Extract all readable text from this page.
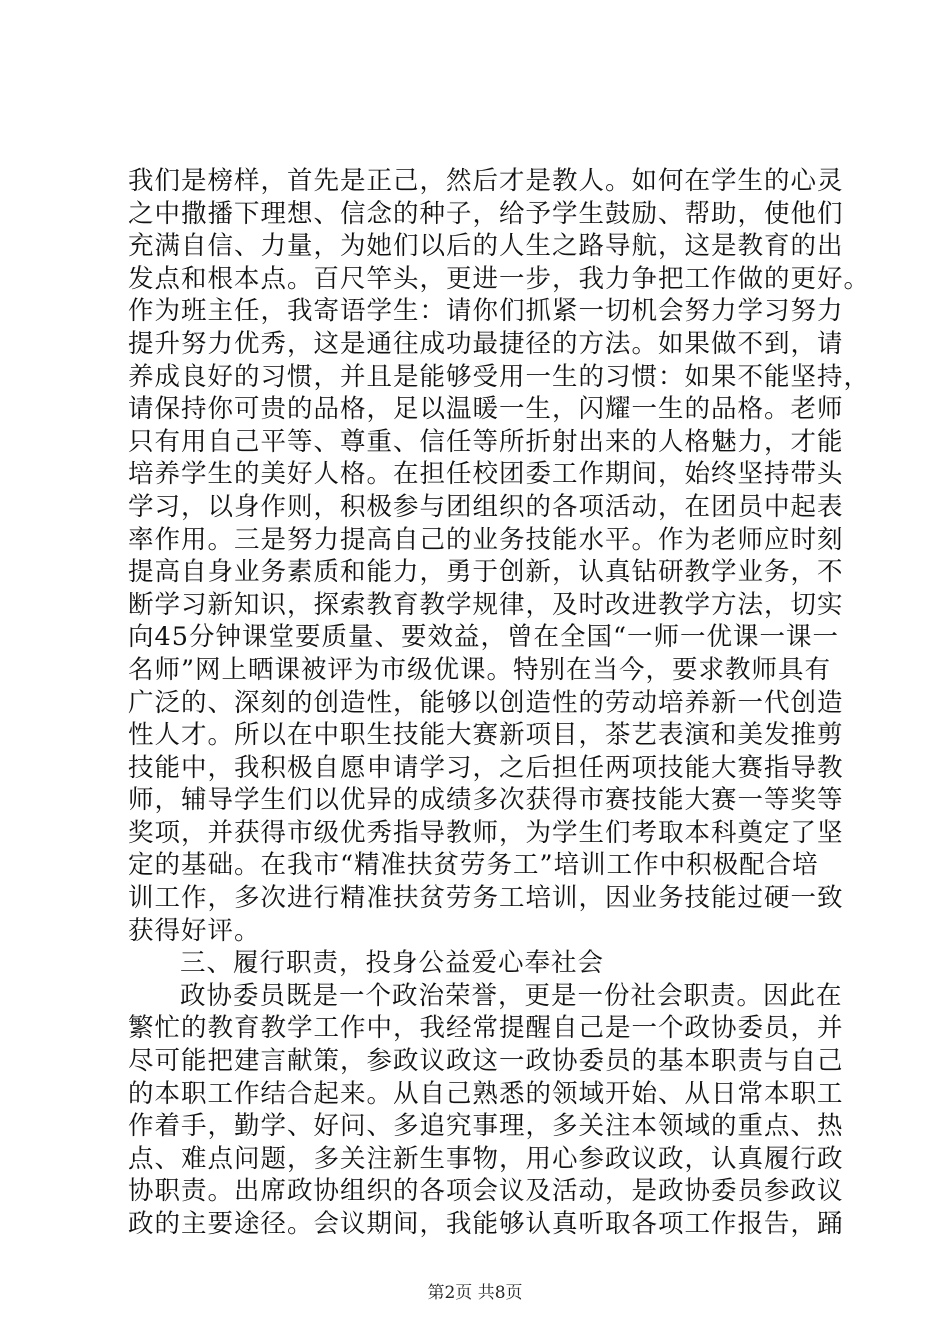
我们是榜样，首先是正己，然后才是教人。如何在学生的心灵
之中撒播下理想、信念的种子，给予学生鼓励、帮助，使他们
充满自信、力量，为她们以后的人生之路导航，这是教育的出
发点和根本点。百尺竿头，更进一步，我力争把工作做的更好。
作为班主任，我寄语学生：请你们抓紧一切机会努力学习努力
提升努力优秀，这是通往成功最捷径的方法。如果做不到，请
养成良好的习惯，并且是能够受用一生的习惯：如果不能坚持，
请保持你可贵的品格，足以温暖一生，闪耀一生的品格。老师
只有用自己平等、尊重、信任等所折射出来的人格魅力，才能
培养学生的美好人格。在担任校团委工作期间，始终坚持带头
学习，以身作则，积极参与团组织的各项活动，在团员中起表
率作用。三是努力提高自己的业务技能水平。作为老师应时刻
提高自身业务素质和能力，勇于创新，认真钻研教学业务，不
断学习新知识，探索教育教学规律，及时改进教学方法，切实
向45分钟课堂要质量、要效益，曾在全国“一师一优课一课一
名师”网上晒课被评为市级优课。特别在当今，要求教师具有
广泛的、深刻的创造性，能够以创造性的劳动培养新一代创造
性人才。所以在中职生技能大赛新项目，茶艺表演和美发推剪
技能中，我积极自愿申请学习，之后担任两项技能大赛指导教
师，辅导学生们以优异的成绩多次获得市赛技能大赛一等奖等
奖项，并获得市级优秀指导教师，为学生们考取本科奠定了坚
定的基础。在我市“精准扶贫劳务工”培训工作中积极配合培
训工作，多次进行精准扶贫劳务工培训，因业务技能过硬一致
获得好评。
三、履行职责，投身公益爱心奉社会
政协委员既是一个政治荣誉，更是一份社会职责。因此在
繁忙的教育教学工作中，我经常提醒自己是一个政协委员，并
尽可能把建言献策，参政议政这一政协委员的基本职责与自己
的本职工作结合起来。从自己熟悉的领域开始、从日常本职工
作着手，勤学、好问、多追究事理，多关注本领域的重点、热
点、难点问题，多关注新生事物，用心参政议政，认真履行政
协职责。出席政协组织的各项会议及活动，是政协委员参政议
政的主要途径。会议期间，我能够认真听取各项工作报告，踊
第2页 共8页
